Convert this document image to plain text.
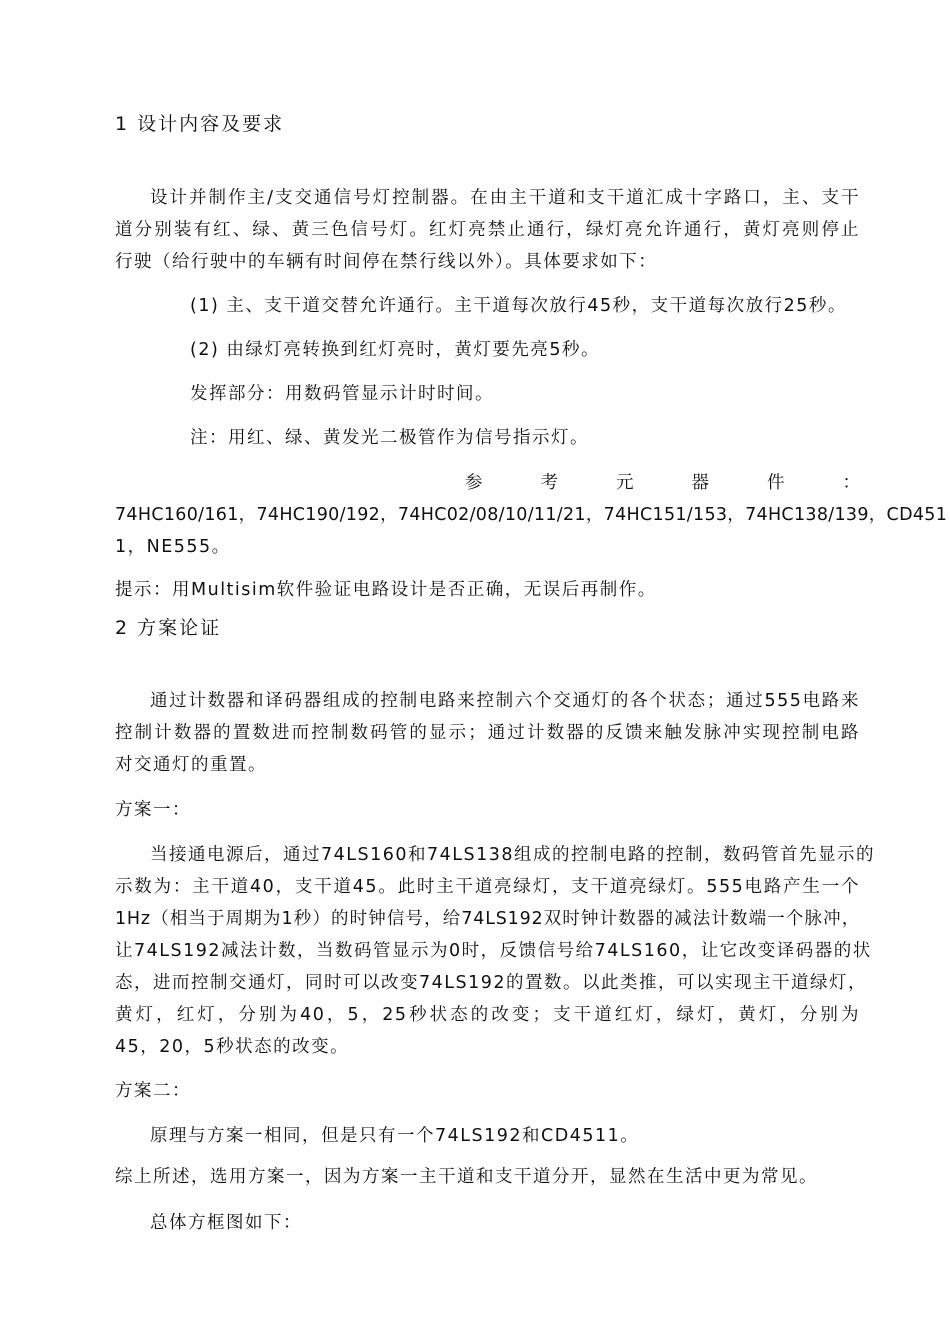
1 设计内容及要求
设计并制作主/支交通信号灯控制器。在由主干道和支干道汇成十字路口，主、支干
道分别装有红、绿、黄三色信号灯。红灯亮禁止通行，绿灯亮允许通行，黄灯亮则停止
行驶（给行驶中的车辆有时间停在禁行线以外）。具体要求如下：
(1) 主、支干道交替允许通行。主干道每次放行45秒，支干道每次放行25秒。
(2) 由绿灯亮转换到红灯亮时，黄灯要先亮5秒。
发挥部分：用数码管显示计时时间。
注：用红、绿、黄发光二极管作为信号指示灯。
参	考	元	器	件	：
74HC160/161，74HC190/192，74HC02/08/10/11/21，74HC151/153，74HC138/139，CD451
1，NE555。
提示：用Multisim软件验证电路设计是否正确，无误后再制作。
2 方案论证
通过计数器和译码器组成的控制电路来控制六个交通灯的各个状态；通过555电路来
控制计数器的置数进而控制数码管的显示；通过计数器的反馈来触发脉冲实现控制电路
对交通灯的重置。
方案一：
当接通电源后，通过74LS160和74LS138组成的控制电路的控制，数码管首先显示的
示数为：主干道40，支干道45。此时主干道亮绿灯，支干道亮绿灯。555电路产生一个
1Hz（相当于周期为1秒）的时钟信号，给74LS192双时钟计数器的减法计数端一个脉冲，
让74LS192减法计数，当数码管显示为0时，反馈信号给74LS160，让它改变译码器的状
态，进而控制交通灯，同时可以改变74LS192的置数。以此类推，可以实现主干道绿灯，
黄灯，红灯，分别为40，5，25秒状态的改变；支干道红灯，绿灯，黄灯，分别为
45，20，5秒状态的改变。
方案二：
原理与方案一相同，但是只有一个74LS192和CD4511。
综上所述，选用方案一，因为方案一主干道和支干道分开，显然在生活中更为常见。
总体方框图如下：
